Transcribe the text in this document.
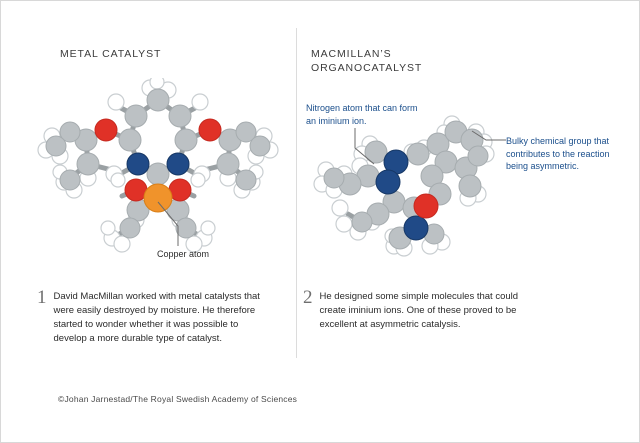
METAL CATALYST	MACMILLAN’S ORGANOCATALYST
Nitrogen atom that can form an iminium ion.
Bulky chemical group that contributes to the reaction being asymmetric.
Copper atom
1 David MacMillan worked with metal catalysts that were easily destroyed by moisture. He therefore started to wonder whether it was possible to develop a more durable type of catalyst.
2 He designed some simple molecules that could create iminium ions. One of these proved to be excellent at asymmetric catalysis.
©Johan Jarnestad/The Royal Swedish Academy of Sciences
